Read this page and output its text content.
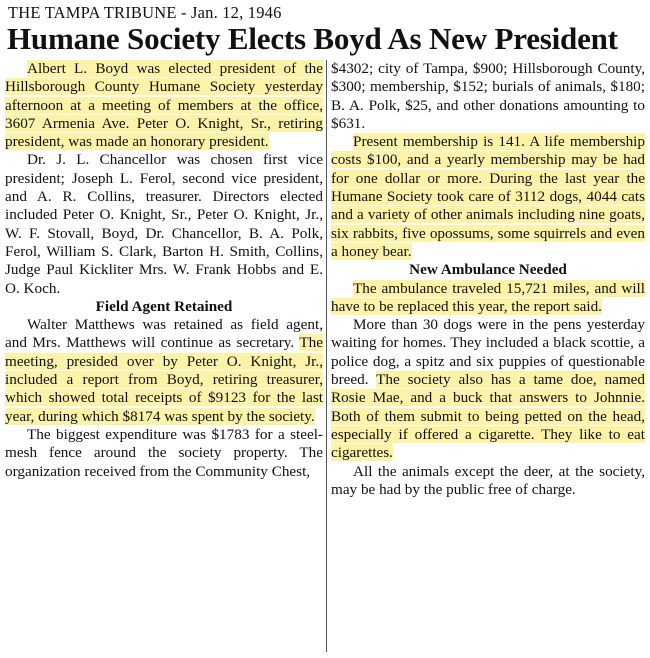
THE TAMPA TRIBUNE - Jan. 12, 1946
Humane Society Elects Boyd As New President

Albert L. Boyd was elected president of the Hillsborough County Humane Society yesterday afternoon at a meeting of members at the office, 3607 Armenia Ave. Peter O. Knight, Sr., retiring president, was made an honorary president.

Dr. J. L. Chancellor was chosen first vice president; Joseph L. Ferol, second vice president, and A. R. Collins, treasurer. Directors elected included Peter O. Knight, Sr., Peter O. Knight, Jr., W. F. Stovall, Boyd, Dr. Chancellor, B. A. Polk, Ferol, William S. Clark, Barton H. Smith, Collins, Judge Paul Kickliter Mrs. W. Frank Hobbs and E. O. Koch.

Field Agent Retained

Walter Matthews was retained as field agent, and Mrs. Matthews will continue as secretary. The meeting, presided over by Peter O. Knight, Jr., included a report from Boyd, retiring treasurer, which showed total receipts of $9123 for the last year, during which $8174 was spent by the society.

The biggest expenditure was $1783 for a steel-mesh fence around the society property. The organization received from the Community Chest,

$4302; city of Tampa, $900; Hillsborough County, $300; membership, $152; burials of animals, $180; B. A. Polk, $25, and other donations amounting to $631.

Present membership is 141. A life membership costs $100, and a yearly membership may be had for one dollar or more. During the last year the Humane Society took care of 3112 dogs, 4044 cats and a variety of other animals including nine goats, six rabbits, five opossums, some squirrels and even a honey bear.

New Ambulance Needed

The ambulance traveled 15,721 miles, and will have to be replaced this year, the report said.

More than 30 dogs were in the pens yesterday waiting for homes. They included a black scottie, a police dog, a spitz and six puppies of questionable breed. The society also has a tame doe, named Rosie Mae, and a buck that answers to Johnnie. Both of them submit to being petted on the head, especially if offered a cigarette. They like to eat cigarettes.

All the animals except the deer, at the society, may be had by the public free of charge.
